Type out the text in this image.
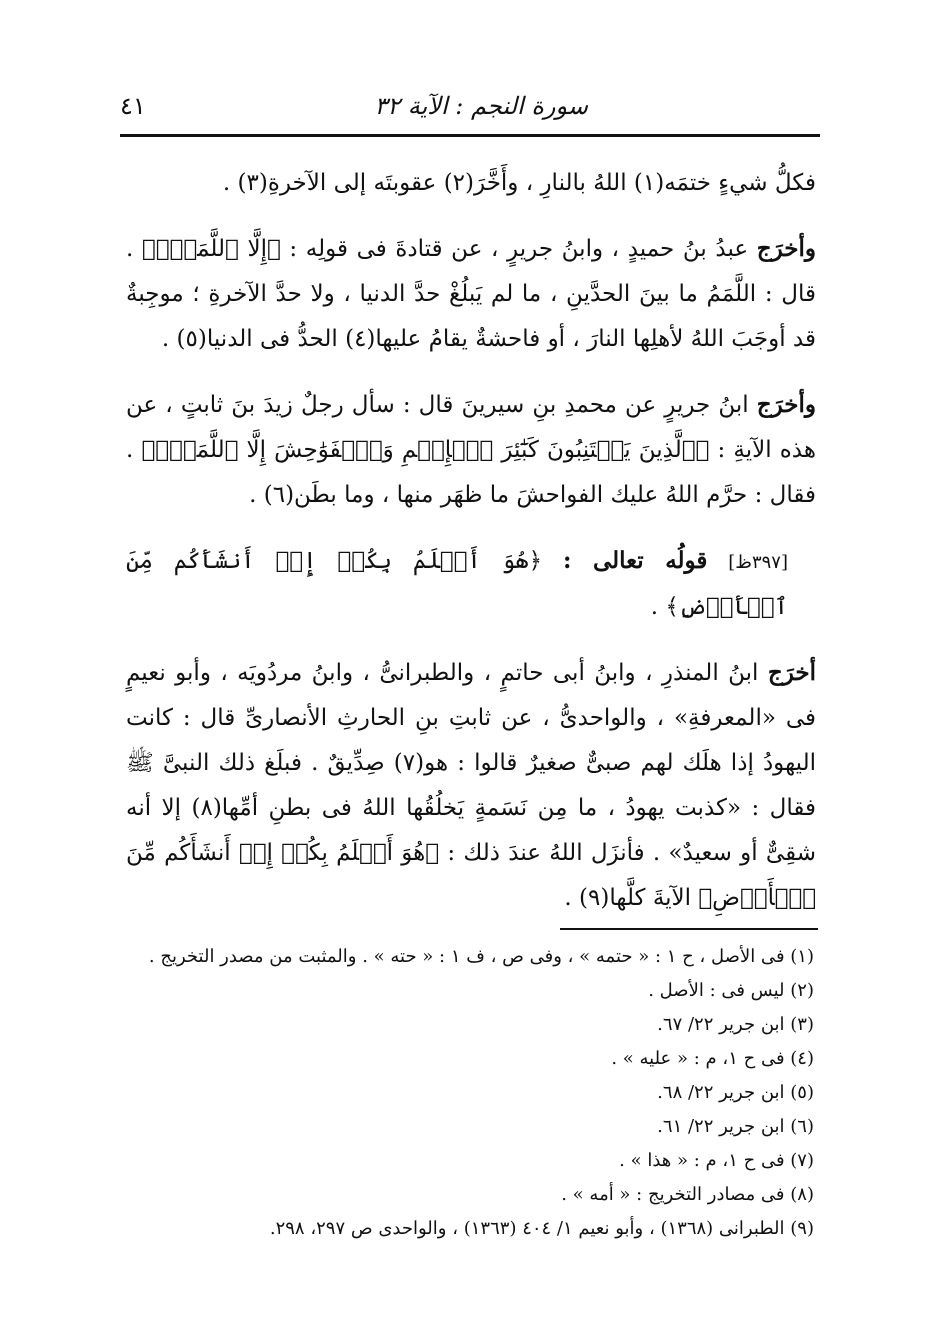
سورة النجم : الآية ٣٢
٤١

فكلُّ شيءٍ ختمَه(١) اللهُ بالنارِ ، وأَخَّرَ(٢) عقوبتَه إلى الآخرةِ(٣) .

وأخرَج عبدُ بنُ حميدٍ ، وابنُ جريرٍ ، عن قتادةَ فى قولِه : ﴿إِلَّا ٱللَّمَمَۚ﴾ . قال : اللَّمَمُ ما بينَ الحدَّينِ ، ما لم يَبلُغْ حدَّ الدنيا ، ولا حدَّ الآخرةِ ؛ موجِبةٌ قد أوجَبَ اللهُ لأهلِها النارَ ، أو فاحشةٌ يقامُ عليها(٤) الحدُّ فى الدنيا(٥) .

وأخرَج ابنُ جريرٍ عن محمدِ بنِ سيرينَ قال : سأل رجلٌ زيدَ بنَ ثابتٍ ، عن هذه الآيةِ : ﴿ٱلَّذِينَ يَجۡتَنِبُونَ كَبَٰٓئِرَ ٱلۡإِثۡمِ وَٱلۡفَوَٰحِشَ إِلَّا ٱللَّمَمَۚ﴾ . فقال : حرَّم اللهُ عليك الفواحشَ ما ظهَر منها ، وما بطَن(٦) .

[٣٩٧ظ] قولُه تعالى : ﴿هُوَ أَعۡلَمُ بِكُمۡ إِذۡ أَنشَأَكُم مِّنَ ٱلۡأَرۡضِ﴾ .

أخرَج ابنُ المنذرِ ، وابنُ أبى حاتمٍ ، والطبرانىُّ ، وابنُ مردُويَه ، وأبو نعيمٍ فى «المعرفةِ» ، والواحدىُّ ، عن ثابتِ بنِ الحارثِ الأنصارىِّ قال : كانت اليهودُ إذا هلَك لهم صبىٌّ صغيرٌ قالوا : هو(٧) صِدِّيقٌ . فبلَغ ذلك النبىَّ ﷺ فقال : «كذبت يهودُ ، ما مِن نَسَمةٍ يَخلُقُها اللهُ فى بطنِ أمِّها(٨) إلا أنه شقِىٌّ أو سعيدٌ» . فأنزَل اللهُ عندَ ذلك : ﴿هُوَ أَعۡلَمُ بِكُمۡ إِذۡ أَنشَأَكُم مِّنَ ٱلۡأَرۡضِ﴾ الآيةَ كلَّها(٩) .

(١) فى الأصل ، ح ١ : « حتمه » ، وفى ص ، ف ١ : « حته » . والمثبت من مصدر التخريج .
(٢) ليس فى : الأصل .
(٣) ابن جرير ٢٢/ ٦٧.
(٤) فى ح ١، م : « عليه » .
(٥) ابن جرير ٢٢/ ٦٨.
(٦) ابن جرير ٢٢/ ٦١.
(٧) فى ح ١، م : « هذا » .
(٨) فى مصادر التخريج : « أمه » .
(٩) الطبرانى (١٣٦٨) ، وأبو نعيم ١/ ٤٠٤ (١٣٦٣) ، والواحدى ص ٢٩٧، ٢٩٨.
